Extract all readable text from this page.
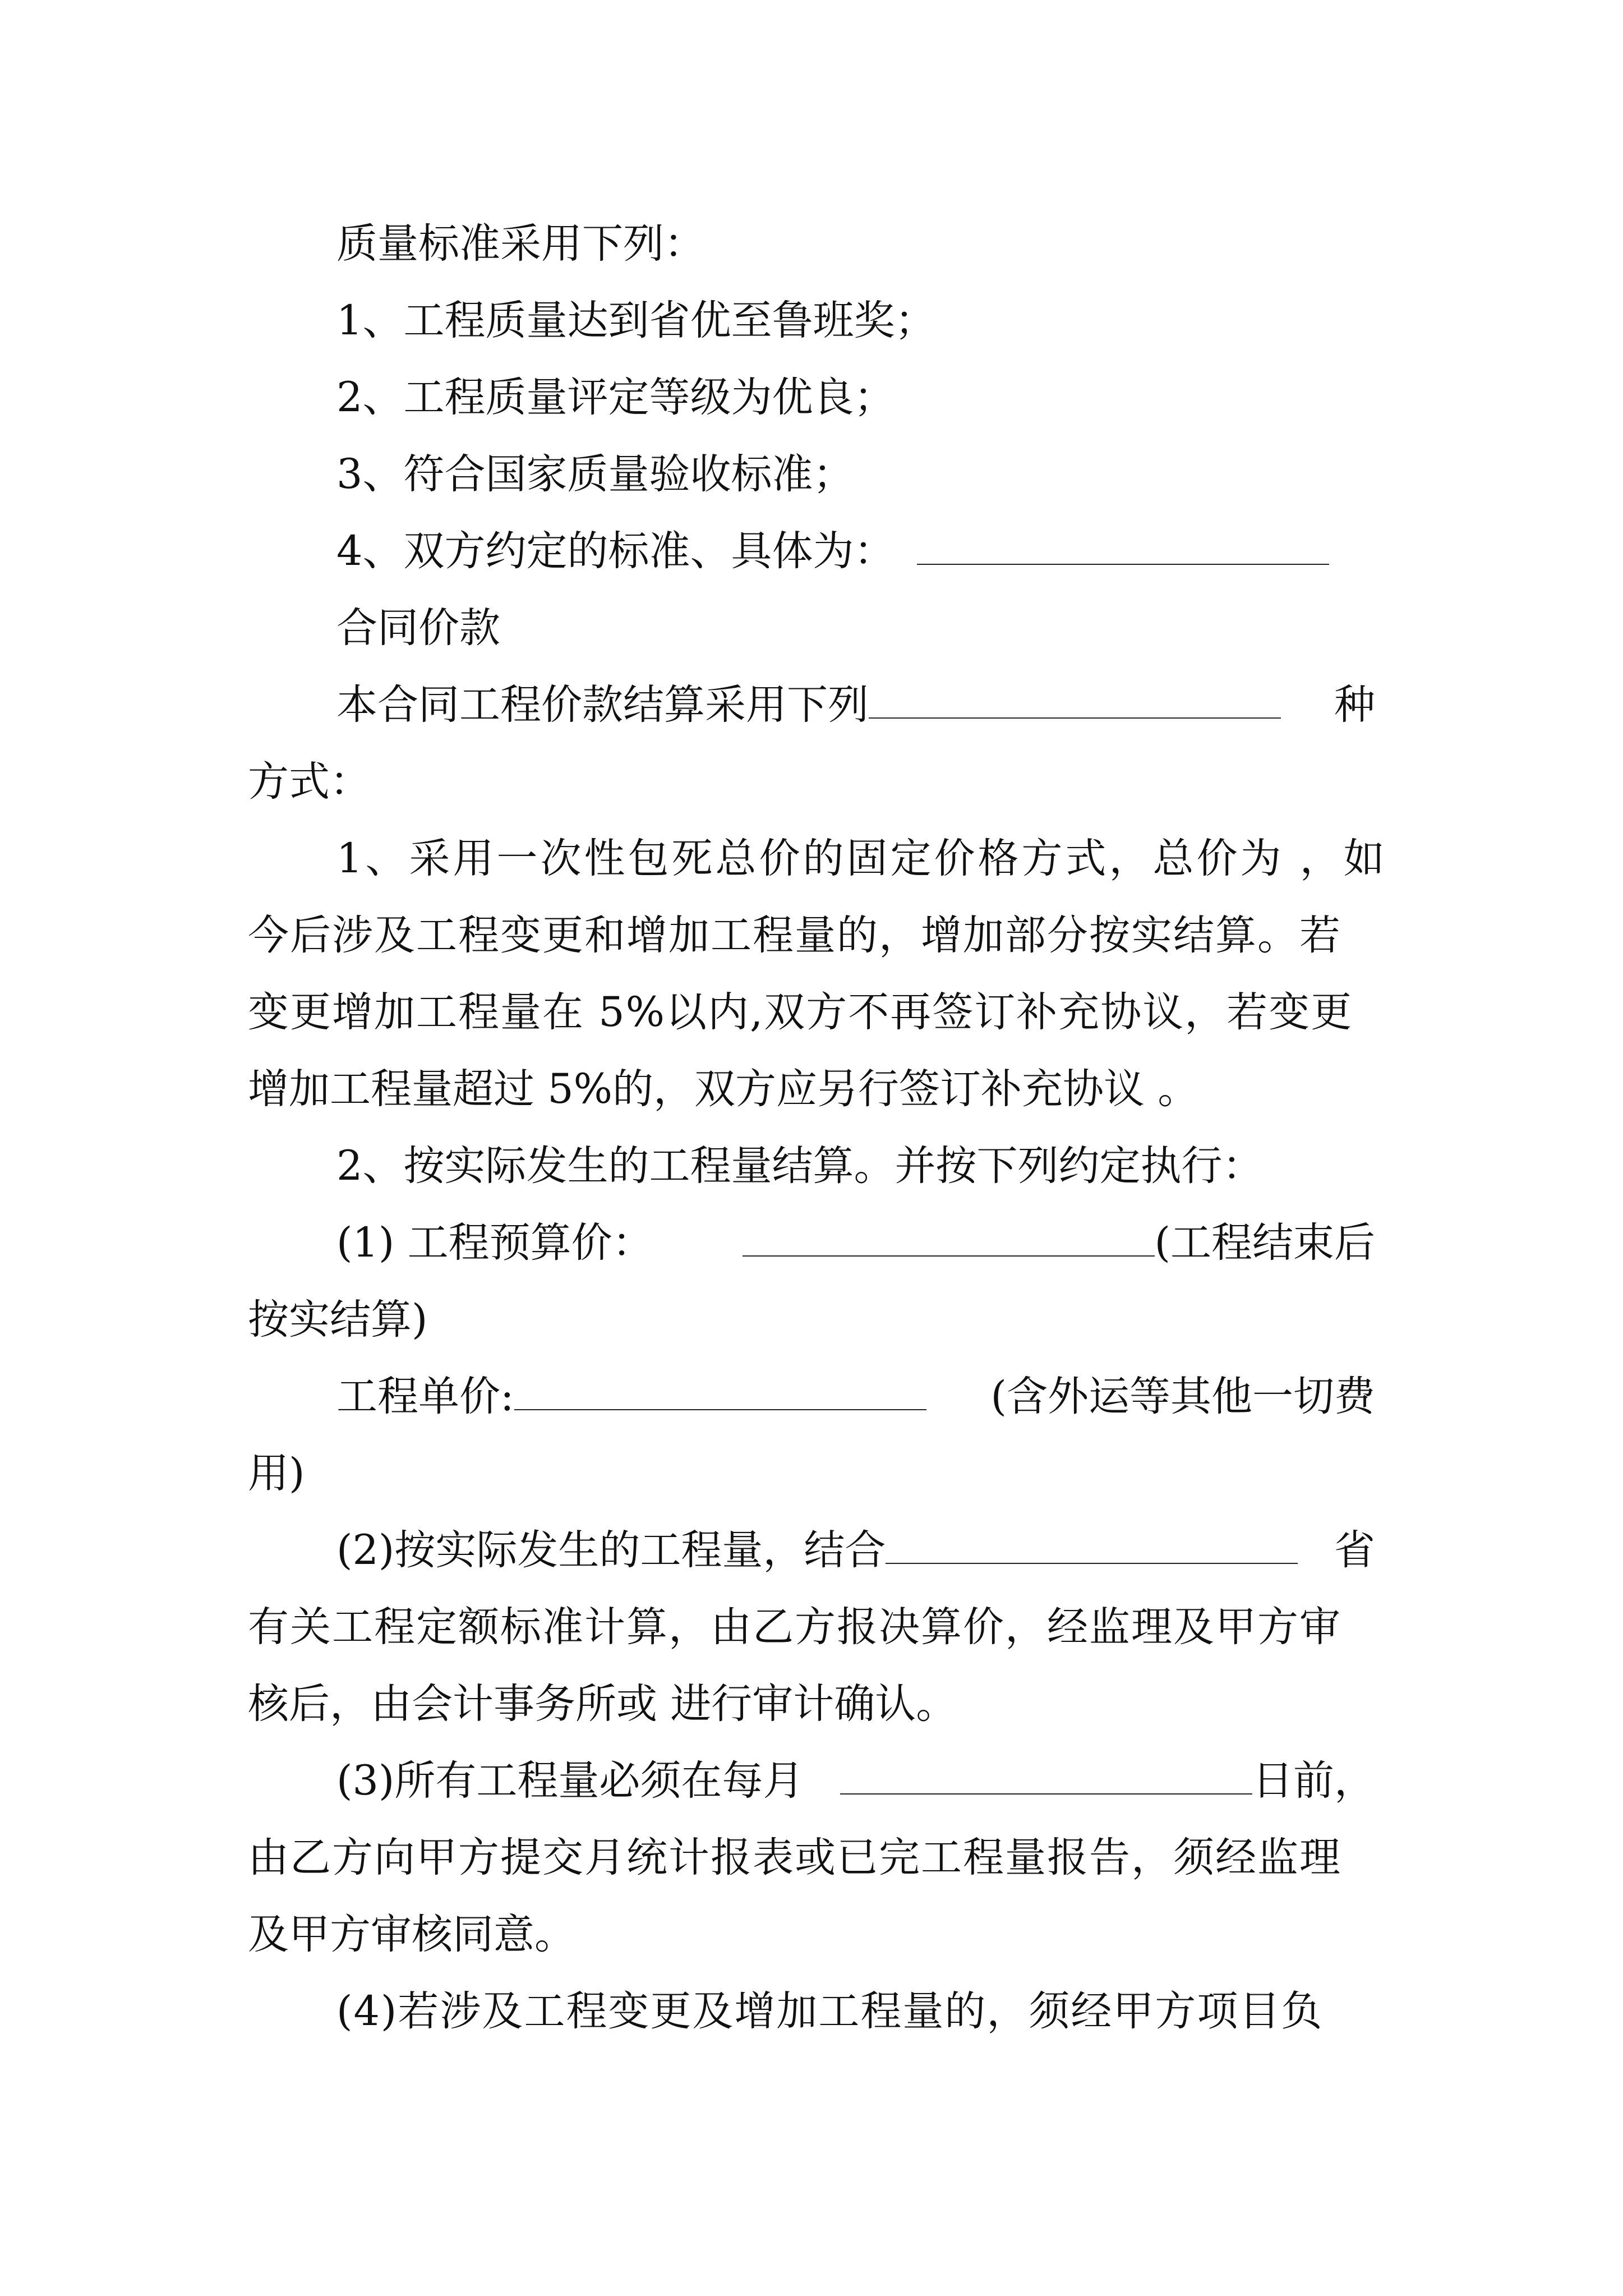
质量标准采用下列：

1、工程质量达到省优至鲁班奖；

2、工程质量评定等级为优良；

3、符合国家质量验收标准；

4、双方约定的标准、具体为：

合同价款

本合同工程价款结算采用下列	种

方式：

1、采用一次性包死总价的固定价格方式，总价为 ，如

今后涉及工程变更和增加工程量的，增加部分按实结算。若

变更增加工程量在 5%以内,双方不再签订补充协议，若变更

增加工程量超过 5%的，双方应另行签订补充协议 。

2、按实际发生的工程量结算。并按下列约定执行：

(1) 工程预算价：	(工程结束后

按实结算)

工程单价:	(含外运等其他一切费

用)

(2)按实际发生的工程量，结合	省

有关工程定额标准计算，由乙方报决算价，经监理及甲方审

核后，由会计事务所或 进行审计确认。

(3)所有工程量必须在每月	日前，

由乙方向甲方提交月统计报表或已完工程量报告，须经监理

及甲方审核同意。

(4)若涉及工程变更及增加工程量的，须经甲方项目负
